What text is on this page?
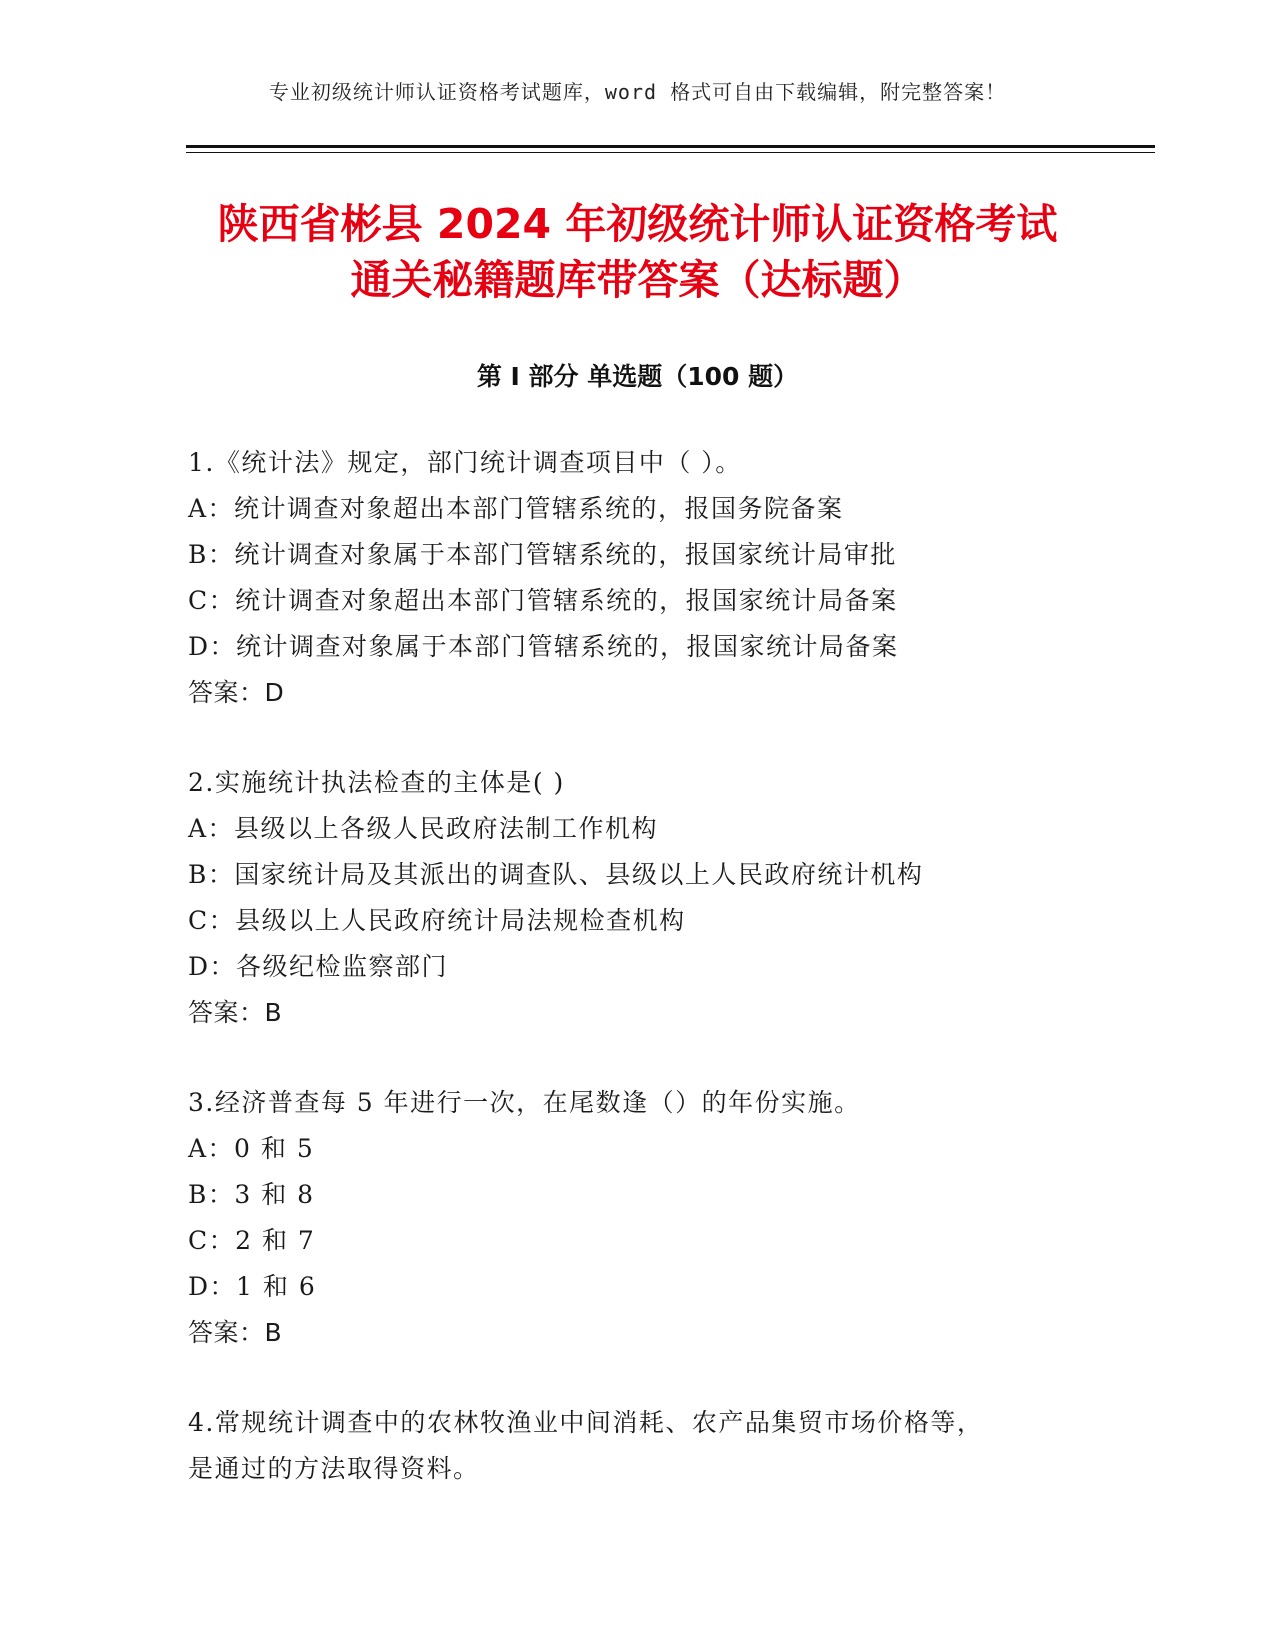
专业初级统计师认证资格考试题库，word 格式可自由下载编辑，附完整答案！
陕西省彬县 2024 年初级统计师认证资格考试
通关秘籍题库带答案（达标题）
第 I 部分 单选题（100 题）
1.《统计法》规定，部门统计调查项目中（ ）。
A：统计调查对象超出本部门管辖系统的，报国务院备案
B：统计调查对象属于本部门管辖系统的，报国家统计局审批
C：统计调查对象超出本部门管辖系统的，报国家统计局备案
D：统计调查对象属于本部门管辖系统的，报国家统计局备案
答案：D
2.实施统计执法检查的主体是( )
A：县级以上各级人民政府法制工作机构
B：国家统计局及其派出的调查队、县级以上人民政府统计机构
C：县级以上人民政府统计局法规检查机构
D：各级纪检监察部门
答案：B
3.经济普查每 5 年进行一次，在尾数逢（）的年份实施。
A：0 和 5
B：3 和 8
C：2 和 7
D：1 和 6
答案：B
4.常规统计调查中的农林牧渔业中间消耗、农产品集贸市场价格等，
是通过的方法取得资料。
